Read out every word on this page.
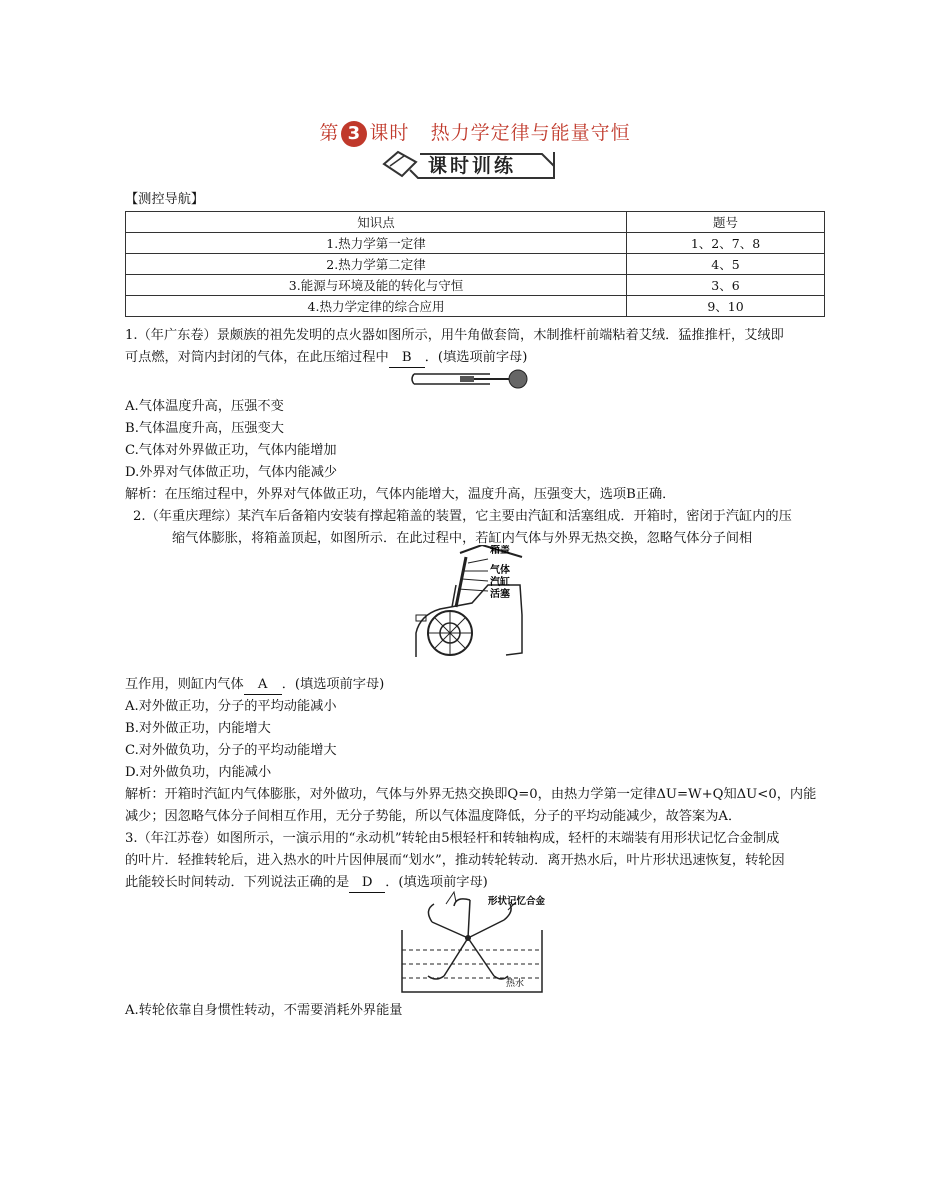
第 3 课时 热力学定律与能量守恒
课时训练
【测控导航】
知识点	题号
1.热力学第一定律	1、2、7、8
2.热力学第二定律	4、5
3.能源与环境及能的转化与守恒	3、6
4.热力学定律的综合应用	9、10
1.（年广东卷）景颇族的祖先发明的点火器如图所示，用牛角做套筒，木制推杆前端粘着艾绒．猛推推杆，艾绒即
可点燃，对筒内封闭的气体，在此压缩过程中 B ．(填选项前字母)
A.气体温度升高，压强不变
B.气体温度升高，压强变大
C.气体对外界做正功，气体内能增加
D.外界对气体做正功，气体内能减少
解析：在压缩过程中，外界对气体做正功，气体内能增大，温度升高，压强变大，选项B正确．
2.（年重庆理综）某汽车后备箱内安装有撑起箱盖的装置，它主要由汽缸和活塞组成．开箱时，密闭于汽缸内的压
缩气体膨胀，将箱盖顶起，如图所示．在此过程中，若缸内气体与外界无热交换，忽略气体分子间相
箱盖
气体
汽缸
活塞
互作用，则缸内气体 A ．(填选项前字母)
A.对外做正功，分子的平均动能减小
B.对外做正功，内能增大
C.对外做负功，分子的平均动能增大
D.对外做负功，内能减小
解析：开箱时汽缸内气体膨胀，对外做功，气体与外界无热交换即Q=0，由热力学第一定律ΔU=W+Q知ΔU<0，内能
减少；因忽略气体分子间相互作用，无分子势能，所以气体温度降低，分子的平均动能减少，故答案为A．
3.（年江苏卷）如图所示，一演示用的“永动机”转轮由5根轻杆和转轴构成，轻杆的末端装有用形状记忆合金制成
的叶片．轻推转轮后，进入热水的叶片因伸展而“划水”，推动转轮转动．离开热水后，叶片形状迅速恢复，转轮因
此能较长时间转动．下列说法正确的是 D ．(填选项前字母)
形状记忆合金
热水
A.转轮依靠自身惯性转动，不需要消耗外界能量
